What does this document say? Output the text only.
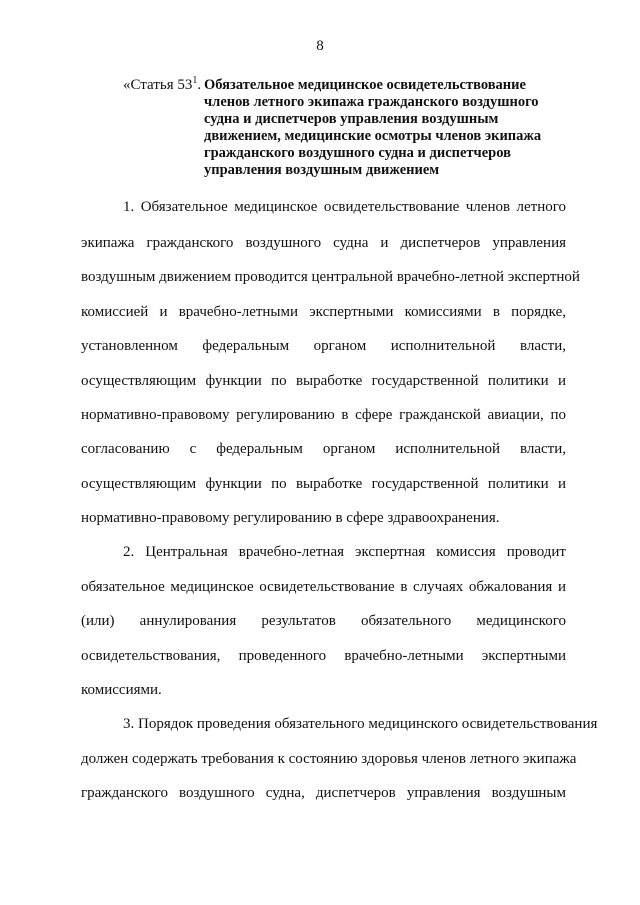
8
«Статья $53^1$. Обязательное медицинское освидетельствование
членов летного экипажа гражданского воздушного
судна и диспетчеров управления воздушным
движением, медицинские осмотры членов экипажа
гражданского воздушного судна и диспетчеров
управления воздушным движением
1. Обязательное медицинское освидетельствование членов летного
экипажа гражданского воздушного судна и диспетчеров управления
воздушным движением проводится центральной врачебно-летной экспертной
комиссией и врачебно-летными экспертными комиссиями в порядке,
установленном федеральным органом исполнительной власти,
осуществляющим функции по выработке государственной политики и
нормативно-правовому регулированию в сфере гражданской авиации, по
согласованию с федеральным органом исполнительной власти,
осуществляющим функции по выработке государственной политики и
нормативно-правовому регулированию в сфере здравоохранения.
2. Центральная врачебно-летная экспертная комиссия проводит
обязательное медицинское освидетельствование в случаях обжалования и
(или) аннулирования результатов обязательного медицинского
освидетельствования, проведенного врачебно-летными экспертными
комиссиями.
3. Порядок проведения обязательного медицинского освидетельствования
должен содержать требования к состоянию здоровья членов летного экипажа
гражданского воздушного судна, диспетчеров управления воздушным
